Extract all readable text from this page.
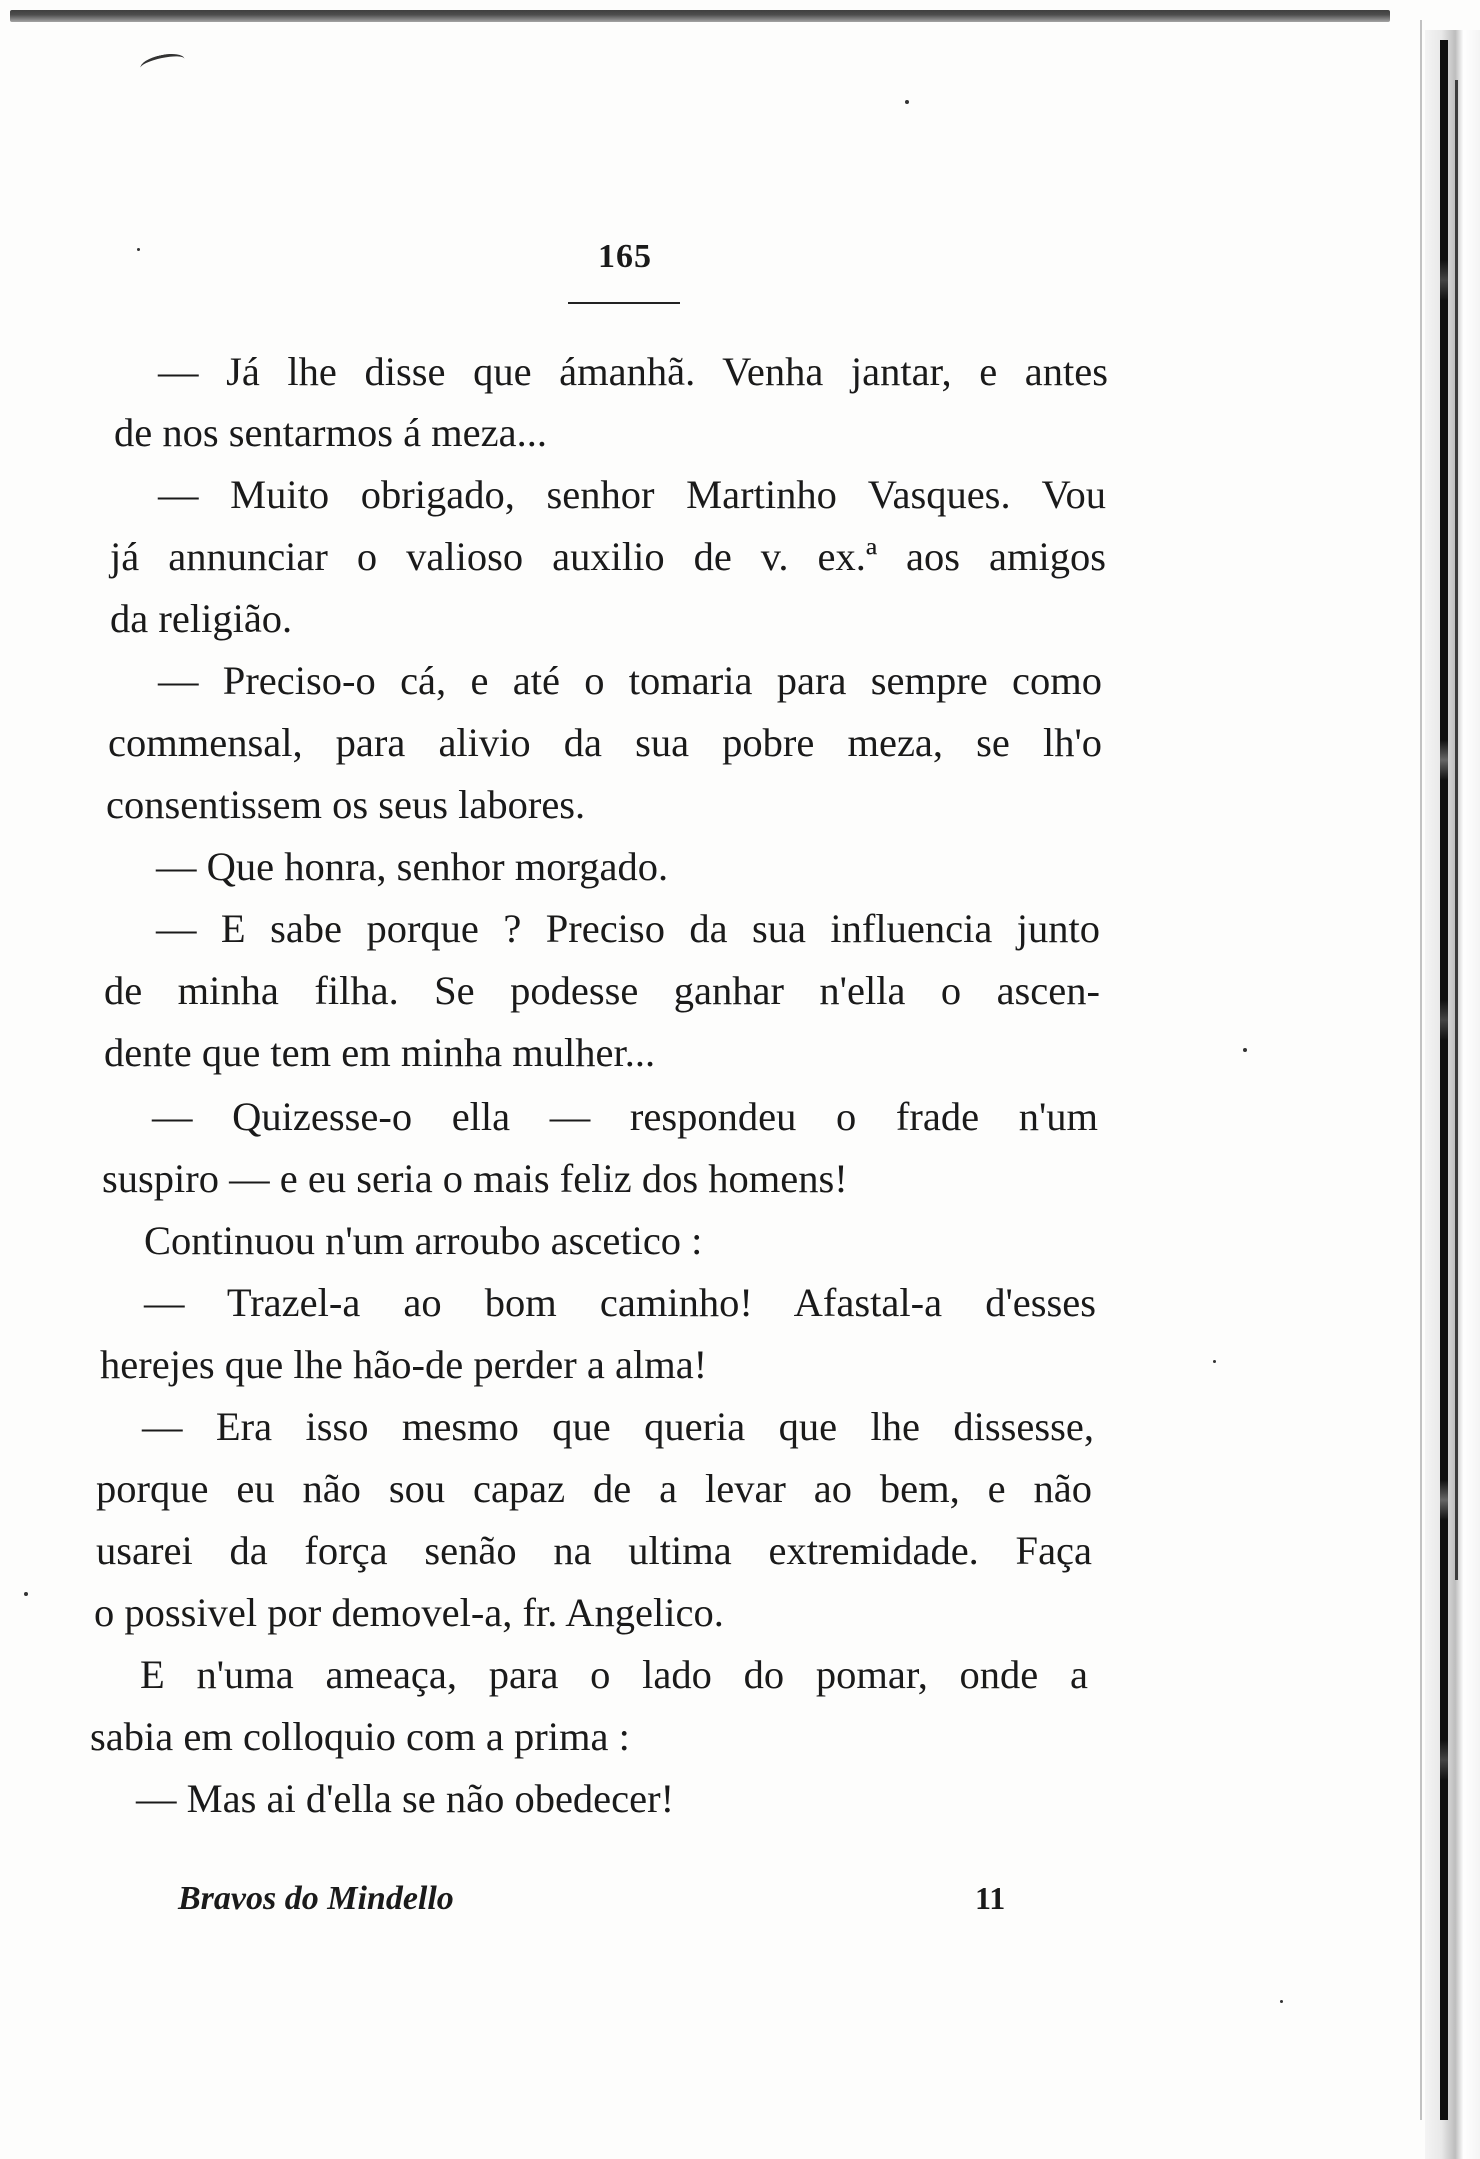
165
— Já lhe disse que ámanhã. Venha jantar, e antes
de nos sentarmos á meza...
— Muito obrigado, senhor Martinho Vasques. Vou
já annunciar o valioso auxilio de v. ex.ª aos amigos
da religião.
— Preciso-o cá, e até o tomaria para sempre como
commensal, para alivio da sua pobre meza, se lh'o
consentissem os seus labores.
— Que honra, senhor morgado.
— E sabe porque ? Preciso da sua influencia junto
de minha filha. Se podesse ganhar n'ella o ascen-
dente que tem em minha mulher...
— Quizesse-o ella — respondeu o frade n'um
suspiro — e eu seria o mais feliz dos homens!
Continuou n'um arroubo ascetico :
— Trazel-a ao bom caminho! Afastal-a d'esses
herejes que lhe hão-de perder a alma!
— Era isso mesmo que queria que lhe dissesse,
porque eu não sou capaz de a levar ao bem, e não
usarei da força senão na ultima extremidade. Faça
o possivel por demovel-a, fr. Angelico.
E n'uma ameaça, para o lado do pomar, onde a
sabia em colloquio com a prima :
— Mas ai d'ella se não obedecer!
Bravos do Mindello	11
